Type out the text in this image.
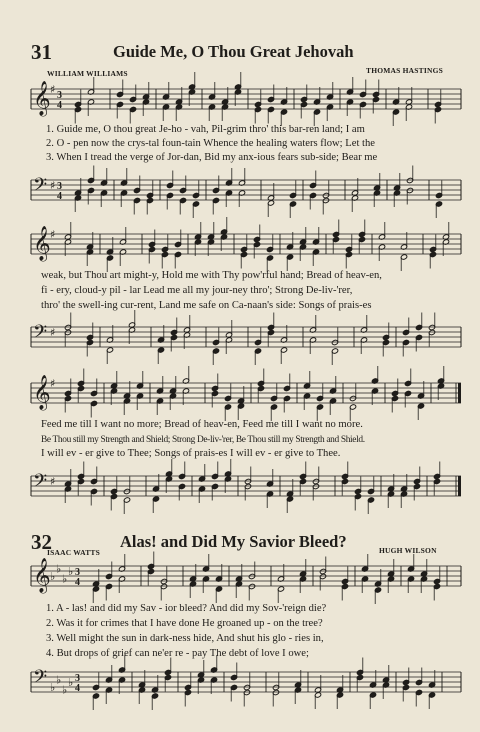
31	Guide Me, O Thou Great Jehovah
WILLIAM WILLIAMS	THOMAS HASTINGS
𝄞 ♯ 3
4
1. Guide me, O thou great Je-ho - vah, Pil-grim thro' this bar-ren land; I am
2. O - pen now the crys-tal foun-tain Whence the healing waters flow; Let the
3. When I tread the verge of Jor-dan, Bid my anx-ious fears sub-side; Bear me
𝄢 ♯ 3
4
𝄞 ♯
weak, but Thou art might-y, Hold me with Thy pow'rful hand; Bread of heav-en,
fi - ery, cloud-y pil - lar Lead me all my jour-ney thro'; Strong De-liv-'rer,
thro' the swell-ing cur-rent, Land me safe on Ca-naan's side: Songs of prais-es
𝄢 ♯
𝄞 ♯
Feed me till I want no more; Bread of heav-en, Feed me till I want no more.
Be Thou still my Strength and Shield; Strong De-liv-'rer, Be Thou still my Strength and Shield.
I will ev - er give to Thee; Songs of prais-es I will ev - er give to Thee.
𝄢 ♯
32	Alas! and Did My Savior Bleed?
ISAAC WATTS	HUGH WILSON
𝄞 ♭
♭
♭
♭ 3
4
1. A - las! and did my Sav - ior bleed? And did my Sov-'reign die?
2. Was it for crimes that I have done He groaned up - on the tree?
3. Well might the sun in dark-ness hide, And shut his glo - ries in,
4. But drops of grief can ne'er re - pay The debt of love I owe;
𝄢 ♭
♭
♭
♭ 3
4
